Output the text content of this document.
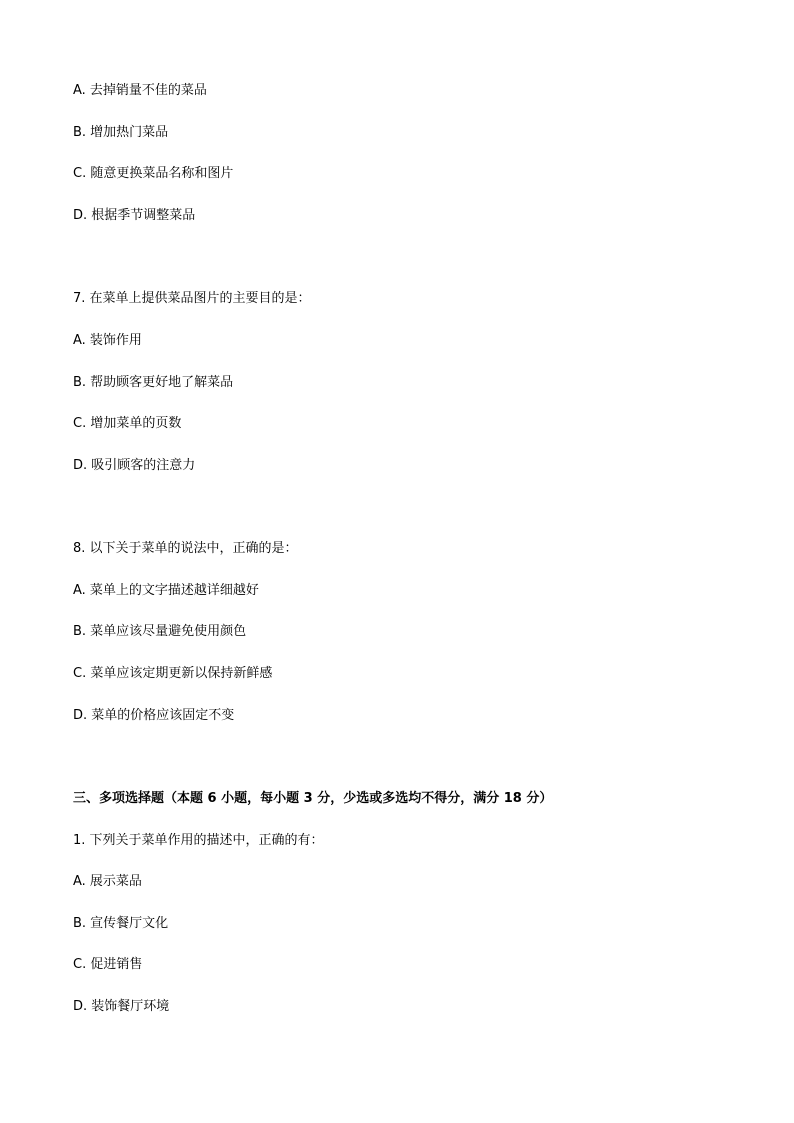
A. 去掉销量不佳的菜品
B. 增加热门菜品
C. 随意更换菜品名称和图片
D. 根据季节调整菜品
7. 在菜单上提供菜品图片的主要目的是：
A. 装饰作用
B. 帮助顾客更好地了解菜品
C. 增加菜单的页数
D. 吸引顾客的注意力
8. 以下关于菜单的说法中，正确的是：
A. 菜单上的文字描述越详细越好
B. 菜单应该尽量避免使用颜色
C. 菜单应该定期更新以保持新鲜感
D. 菜单的价格应该固定不变
三、多项选择题（本题 6 小题，每小题 3 分，少选或多选均不得分，满分 18 分）
1. 下列关于菜单作用的描述中，正确的有：
A. 展示菜品
B. 宣传餐厅文化
C. 促进销售
D. 装饰餐厅环境
